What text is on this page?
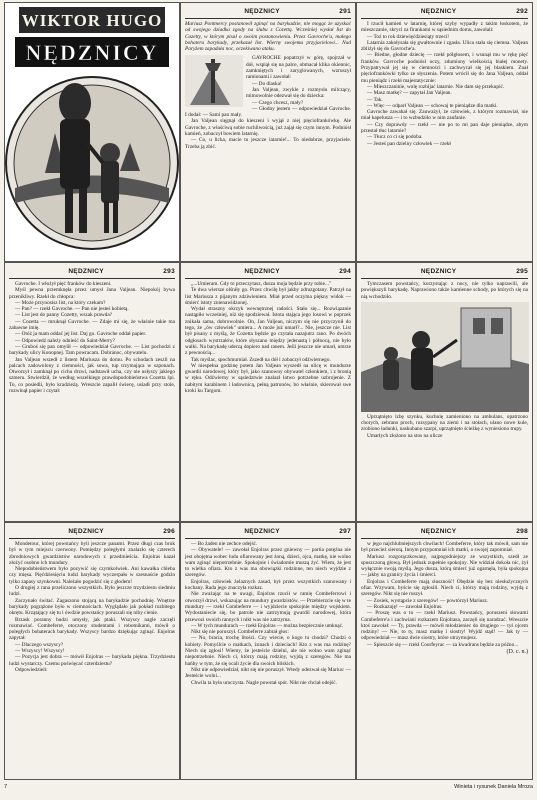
WIKTOR HUGO
NĘDZNICY
NĘDZNICY	291
Mariusz Pontmercy postanowił zginąć na barykadzie, nie mogąc że uzyskać od swojego dziadka zgody na ślubu z Cozettą. Wcześniej wysłał list do Cozetty, w którym pisał o swoim postanowieniu. Przez Gavroche'a, małego bohatera barykady, przekazał list. Wierny swojemu przyjacielowi... Nad Paryżem zapadała noc, oczekiwano ataku.

GAVROCHE popatrzył w górę, spojrzał w dół, wspiął się na palce, obmacał klika okiennic, zamkniętych i zaryglowanych, wzruszył ramionami i zawołał:

— Do diaska!

Jan Valjean, zwykle z rozmysłu milczący, mimowolnie odezwał się do dziecka:

— Czego chcesz, mały?

— Głodny jestem — odpowiedział Gavroche. I dodał: — Sami pan mały.

Jan Valjean sięgnął do kieszeni i wyjął z niej pięciofrankówkę. Ale Gavroche, z właściwą sobie ruchliwością, już zajął się czym innym. Podniósł kamień, zobaczył bowiem latarnię.

— Co, u licha, macie tu jeszcze latarnie!... To niedobrze, przyjaciele. Trzeba ją zbić.

NĘDZNICY	292

I rzucił kamień w latarnię, której szyby wypadły z takim łoskotem, że mieszczanie, skryci za firankami w sąsiednim domu, zawołali:

— Toż to rok dziewięćdziesiąty trzeci!

Latarnia zakołysała się gwałtownie i zgasła. Ulica stała się ciemna. Valjean zbliżył się do Gavroche'a.

— Biedne, głodne dziecię — rzekł półgłosem, i wsunął mu w rękę pięć franków. Gavroche podniósł oczy, zdumiony wielkością białej monety. Przypatrywał jej się w ciemności i zachwycał się jej blaskiem. Znał pięciofrankówki tylko ze słyszenia. Potem wrócił się do Jana Valjean, oddał mu pieniądz i rzekł majestatycznie:

— Mieszczaninie, wolę rozbijać latarnie. Nie dam się przekupić.

— Masz matkę? — zapytał Jan Valjean.

— Tak.

— Więc — odparł Valjean — schowaj te pieniądze dla matki.

Gavroche zawahał się. Zauważył, że człowiek, z którym rozmawiał, nie miał kapelusza — i to wzbudziło w nim zaufanie.

— Czy doprawdy — rzekł — nie po to mi pan daje pieniądze, abym przestał tłuc latarnie?

— Tłucz co ci się podoba.

— Jesteś pan dzielny człowiek — rzekł

NĘDZNICY	293

Gavroche. I włożył pięć franków do kieszeni.

Myśl pewna przemknęła przez umysł Jana Valjean. Niepokój bywa przenikliwy. Rzekł do chłopca:

— Może przynosisz list, na który czekam?

— Pan? — rzekł Gavroche. — Pan nie jesteś kobietą.

— List jest do panny Cozetty, wszak prawda?

— Cozetta — mruknął Gavroche. — Zdaje mi się, że właśnie takie ma zabawne imię.

— Otóż ja mam oddać jej list. Daj go. Gavroche oddał papier.

— Odpowiedź należy odnieść do Saint-Merry?

— Gruboś się pan omylił — odpowiedział Gavroche. — List pochodzi z barykady ulicy Konopnej. Tam powracam. Dobranoc, obywatelu.

Jan Valjean wszedł z listem Mariusza do domu. Po schodach zeszli na palcach zadowolony z ciemności, jak sowa, tup trzymająca w szponach. Otworzył i zamknął po cichu drzwi, nadstawił ucha, czy nie usłyszy jakiego szmeru. Stwierdził, że według wszelkiego prawdopodobieństwa Cozetta śpi. To, co posiedli, było kradzieżą. Wreszcie zapalił świecę, usiadł przy stole, rozwinął papier i czytał:

NĘDZNICY	294

„...Umieram. Gdy to przeczytasz, dusza moja będzie przy tobie..."

Te dwa wiersze olśniły go. Przez chwilę był jakby zdruzgotany. Patrzył na list Mariusza z pijanym zdziwieniem. Miał przed oczyma piękny widok — śmierć istoty znienawidzonej.

Wydał straszny okrzyk wewnętrznej radości. Stało się... Rozwiązanie nastąpiło wcześniej, niż się spodziewał. Istota stająca jego losowi w poprzek znikała sama, dobrowolnie. On, Jan Valjean, niczym się nie przyczynił do tego, że „ów człowiek" umiera... A może już umarł?... Nie, jeszcze nie. List był pisany z myślą, że Cozetta będzie go czytała nazajutrz rano. Po dwóch odgłosach wystrzałów, które słyszano między jedenastą i północą, nie było walki. Na barykadę uderzą dopiero nad ranem. Jeśli jeszcze nie umarł, umrze z pewnością...

Tak myślac, spochmurniał. Zszedł na dół i zobaczył odźwiernego.

W niespełna godzinę potem Jan Valjean wyszedł na ulicę w mundurze gwardii narodowej, który był, jako szanowny obywatel członkiem, i z bronią w ręku. Odźwierny w sąsiedztwie znalazł łatwo potrzebne uzbrojenie. Z nabitym karabinem i ładownicą, pełną patronów, bo właśnie, skierował swe kroki ku Targom.

NĘDZNICY	295

Tymczasem powstańcy, korzystając z nocy, nie tylko naprawili, ale powiększyli barykadę. Naprawiono także kamienne schody, po których się na nią wchodziło.

Uprzątnięto izbę szynku, kuchnię zamieniono na ambulans, opatrzono chorych, zebrano proch, rozsypany na ziemi i na stołach, ulano nowe kule, zrobiono ładunki, naskubano szarpi, uprzątnięto ścieżkę z wyniesiono trupy.

Umarłych złożono na stos na ulicze

NĘDZNICY	296

Mondetour, której powstańcy byli jeszcze panami. Przez długi czas bruk był w tym miejscu czerwony. Pomiędzy poległymi znalazło się czterech zbrodniowych gwardzistów narodowych z przedmieścia. Enjolras kazał złożyć osobno ich mundury.

Niepodobieństwem było pozywić się czymkolwiek. Ani kawałka chleba czy mięsa. Pięćdziesięciu ludzi barykady wyczerpało w szesnaście godzin tylko zapasy szynkowni. Należało pogodzić się z głodem!

O drugiej z rana przeliczono wszystkich. Było jeszcze trzydziestu siedmiu ludzi.

Zaczynało świtać. Zagaszono stojącą na barykadzie pochodnię. Wnętrze barykady pogrążone było w ciemnościach. Wyglądało jak pokład rozbitego okrętu. Krzątający się tu i ówdzie powstańcy poruszali się niby cienie.

Brzask poranny budzi umysły, jak ptaki. Wszyscy nagle zaczęli rozmawiać. Combeferre, otoczony studentami i robotnikami, mówił o poległych bohaterach barykady. Wszyscy bardzo dziękując zginąć. Enjolras zapytał:

— Dlaczego wszyscy?

— Wszyscy! Wszyscy!

— Pozycja jest dobra — mówił Enjolras — barykada piękna. Trzydziestu ludzi wystarczy. Czemu poświęcać czterdziestu?

Odpowiedzieli:

NĘDZNICY	297

— Bo żaden nie zechce odejść.

— Obywatele! — zawołał Enjolras przez gniewny — partia potężna nie jest obojętna wobec ludu ofiarowany jest żoną, dzieci, ojca, matkę, nie wolno wam zginąć niepotrzebnie. Spokojnie i świadomie muszą żyć. Wiem, że jest to wielka ofiara. Kto z was ma obowiązki rodzinne, ten niech wyjdzie z szeregów.

Enjolras, człowiek żelaznych zasad, był przez wszystkich szanowany i kochany. Rada jego znaczyła rozkaz.

Nie zważając na te uwagi, Enjolras rzucił w ramię Combeferrowi i otworzył drzwi, wskazując na mundury gwardzistów. — Przebierzcie się w te mundury — rzekł Combeferre — i wyjdziecie spokojnie między wojskiem. Wydostaniecie się, bo patrole nie zatrzymują gwardii narodowej, która przewozi swoich rannych i nikt was nie zatrzyma.

— W tych mundurach — rzekł Enjolras — można bezpiecznie umknąć.

Nikt się nie poruszył. Combeferre zabrał głos:

— No, bracia, trochę litości. Czy wiecie, o kogo tu chodzi? Chodzi o kobiety. Pomyślcie o matkach, żonach i dzieciach! Kto z was ma rodzinę? Niech się zgłosi! Wiemy, że jesteście dzielni, ale nie wolno wam zginąć niepotrzebnie. Niech ci, którzy mają rodziny, wyjdą z szeregów. Nie ma hańby w tym, że się ocali życie dla swoich bliskich.

Nikt nie odpowiedział, nikt się nie poruszył. Wtedy odezwał się Marius: — Jesteście wolni...

Chwila ta była uroczysta. Nagle powstał spór. Nikt nie chciał odejść.

NĘDZNICY	298

w jego najchlubniejszych chwilach! Combeferre, który tak mówił, sam nie był przecież sierotą. Innym przypomniał ich matki, o swojej zapomniał.

Mariusz rozgorączkowany, najpogodniejszy ze wszystkich, szedł ze spuszczoną głową. Był jednak zupełnie spokojny. Nie widział dokoła nic, żył wyłącznie swoją myślą. Jego dusza, którą śmierć już ogarnęła, była spokojna — jakby na granicy życia i śmierci.

Enjolras i Combeferre mają słuszność! Obędzie się bez niesłużycznych ofiar. Wzywam, byście się zgłosili. Niech ci, którzy mają rodziny, wyjdą z szeregów. Nikt się nie ruszył.

— Zosiek, wystąpcie z szeregów! — powtórzył Mariusz.

— Rozkazuję! — zawołał Enjolras.

— Proszę was o to — rzekł Mariusz. Powstańcy, poruszeni słowami Combeferre'a i zachwiani rozkazem Enjolrasa, zaczęli się naradzać. Wreszcie ktoś zawołał: — Ty, prawda — mówił młodzieniec do drugiego — tyś ojcem rodziny! — Nie, to ty, masz matkę i siostry! Wyjdź stąd! — Jak ty — odpowiedział — masz dwie siostry, które utrzymujesz.

— Spieszcie się — rzekł Courfeyrac — za kwadrans będzie za późno...

(D. c. n.)
7	Winieta i rysunek Daniela Mroza
